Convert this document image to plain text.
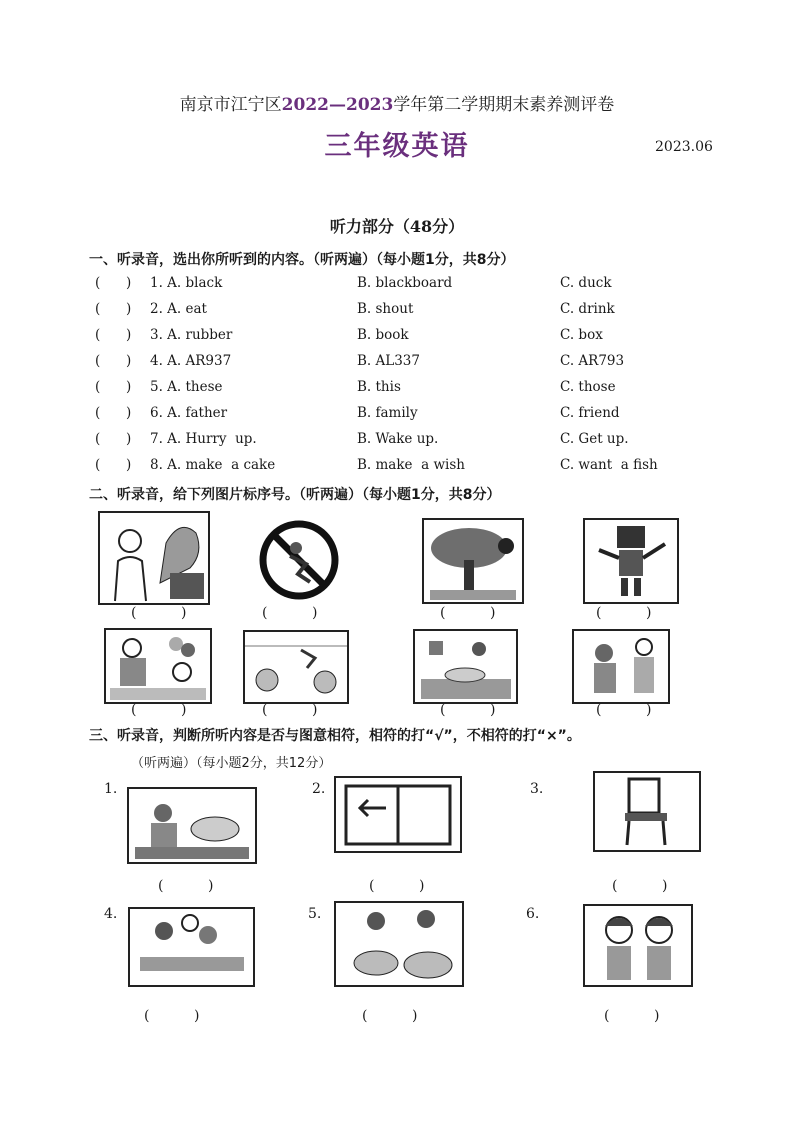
南京市江宁区2022—2023学年第二学期期末素养测评卷
三年级英语	2023.06
听力部分（48分）
一、听录音，选出你所听到的内容。（听两遍）（每小题1分，共8分）
(      ) 1. A. black	B. blackboard	C. duck
(      ) 2. A. eat	B. shout	C. drink
(      ) 3. A. rubber	B. book	C. box
(      ) 4. A. AR937	B. AL337	C. AR793
(      ) 5. A. these	B. this	C. those
(      ) 6. A. father	B. family	C. friend
(      ) 7. A. Hurry  up.	B. Wake up.	C. Get up.
(      ) 8. A. make  a cake	B. make  a wish	C. want  a fish
二、听录音，给下列图片标序号。（听两遍）（每小题1分，共8分）
(          )	(          )	(          )	(          )
(          )	(          )	(          )	(          )
三、听录音，判断所听内容是否与图意相符，相符的打“√”，不相符的打“×”。
（听两遍）（每小题2分，共12分）
1.	2.	3.
(          )	(          )	(          )
4.	5.	6.
(          )	(          )	(          )
